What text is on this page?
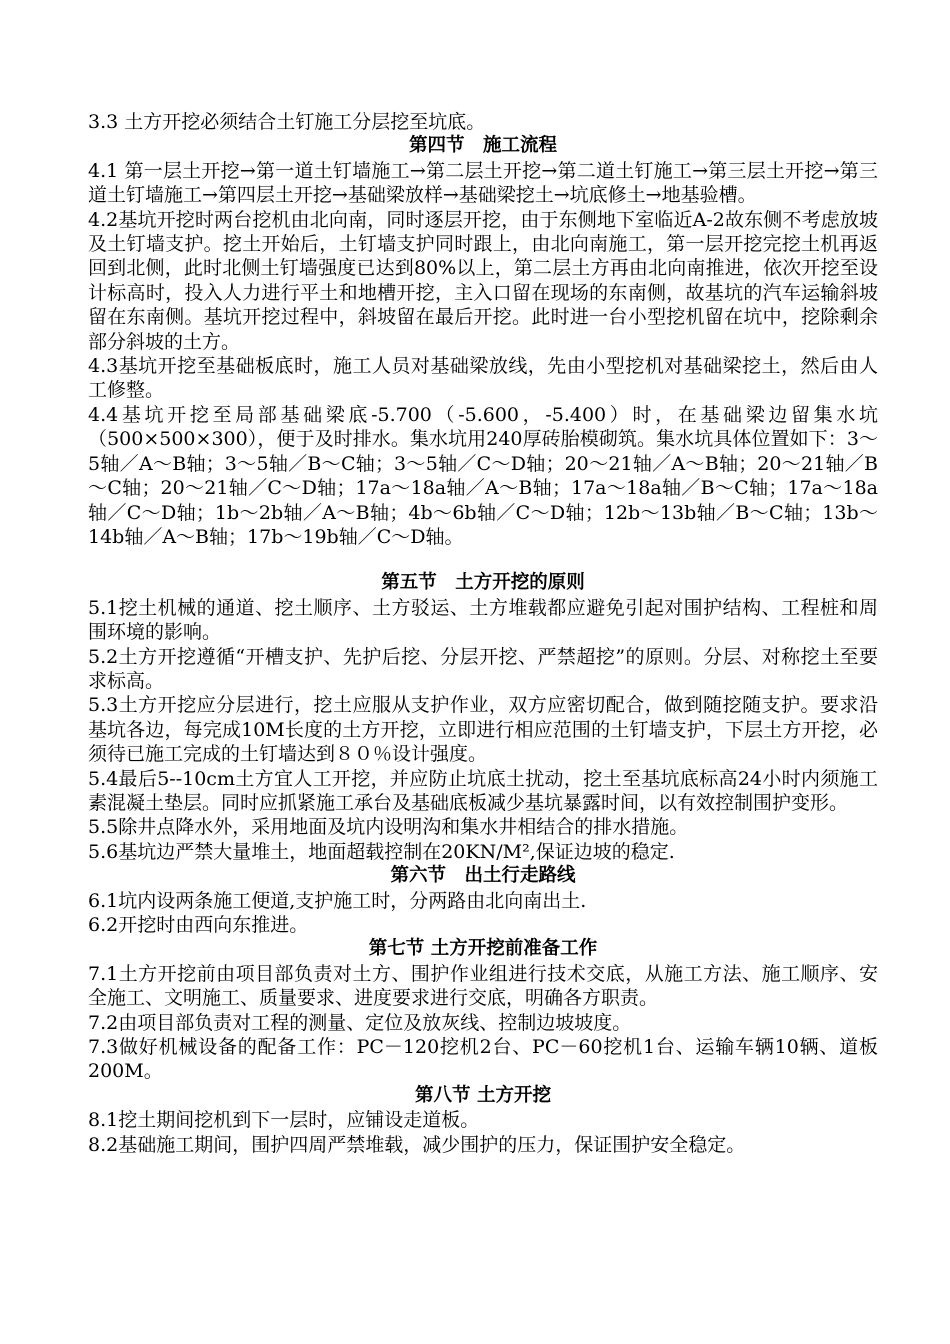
3.3 土方开挖必须结合土钉施工分层挖至坑底。

第四节　施工流程

4.1 第一层土开挖→第一道土钉墙施工→第二层土开挖→第二道土钉施工→第三层土开挖→第三道土钉墙施工→第四层土开挖→基础梁放样→基础梁挖土→坑底修土→地基验槽。

4.2基坑开挖时两台挖机由北向南，同时逐层开挖，由于东侧地下室临近A-2故东侧不考虑放坡及土钉墙支护。挖土开始后，土钉墙支护同时跟上，由北向南施工，第一层开挖完挖土机再返回到北侧，此时北侧土钉墙强度已达到80%以上，第二层土方再由北向南推进，依次开挖至设计标高时，投入人力进行平土和地槽开挖，主入口留在现场的东南侧，故基坑的汽车运输斜坡留在东南侧。基坑开挖过程中，斜坡留在最后开挖。此时进一台小型挖机留在坑中，挖除剩余部分斜坡的土方。

4.3基坑开挖至基础板底时，施工人员对基础梁放线，先由小型挖机对基础梁挖土，然后由人工修整。

4.4基坑开挖至局部基础梁底-5.700（-5.600，-5.400）时，在基础梁边留集水坑（500×500×300），便于及时排水。集水坑用240厚砖胎模砌筑。集水坑具体位置如下：3～5轴／A～B轴；3～5轴／B～C轴；3～5轴／C～D轴；20～21轴／A～B轴；20～21轴／B～C轴；20～21轴／C～D轴；17a～18a轴／A～B轴；17a～18a轴／B～C轴；17a～18a轴／C～D轴；1b～2b轴／A～B轴；4b～6b轴／C～D轴；12b～13b轴／B～C轴；13b～14b轴／A～B轴；17b～19b轴／C～D轴。

第五节　土方开挖的原则

5.1挖土机械的通道、挖土顺序、土方驳运、土方堆载都应避免引起对围护结构、工程桩和周围环境的影响。

5.2土方开挖遵循“开槽支护、先护后挖、分层开挖、严禁超挖”的原则。分层、对称挖土至要求标高。

5.3土方开挖应分层进行，挖土应服从支护作业，双方应密切配合，做到随挖随支护。要求沿基坑各边，每完成10M长度的土方开挖，立即进行相应范围的土钉墙支护，下层土方开挖，必须待已施工完成的土钉墙达到８０％设计强度。

5.4最后5--10cm土方宜人工开挖，并应防止坑底土扰动，挖土至基坑底标高24小时内须施工素混凝土垫层。同时应抓紧施工承台及基础底板减少基坑暴露时间，以有效控制围护变形。

5.5除井点降水外，采用地面及坑内设明沟和集水井相结合的排水措施。

5.6基坑边严禁大量堆土，地面超载控制在20KN/M²,保证边坡的稳定.

第六节　出土行走路线

6.1坑内设两条施工便道,支护施工时，分两路由北向南出土.

6.2开挖时由西向东推进。

第七节 土方开挖前准备工作

7.1土方开挖前由项目部负责对土方、围护作业组进行技术交底，从施工方法、施工顺序、安全施工、文明施工、质量要求、进度要求进行交底，明确各方职责。

7.2由项目部负责对工程的测量、定位及放灰线、控制边坡坡度。

7.3做好机械设备的配备工作：PC－120挖机2台、PC－60挖机1台、运输车辆10辆、道板200M。

第八节 土方开挖

8.1挖土期间挖机到下一层时，应铺设走道板。

8.2基础施工期间，围护四周严禁堆载，减少围护的压力，保证围护安全稳定。
